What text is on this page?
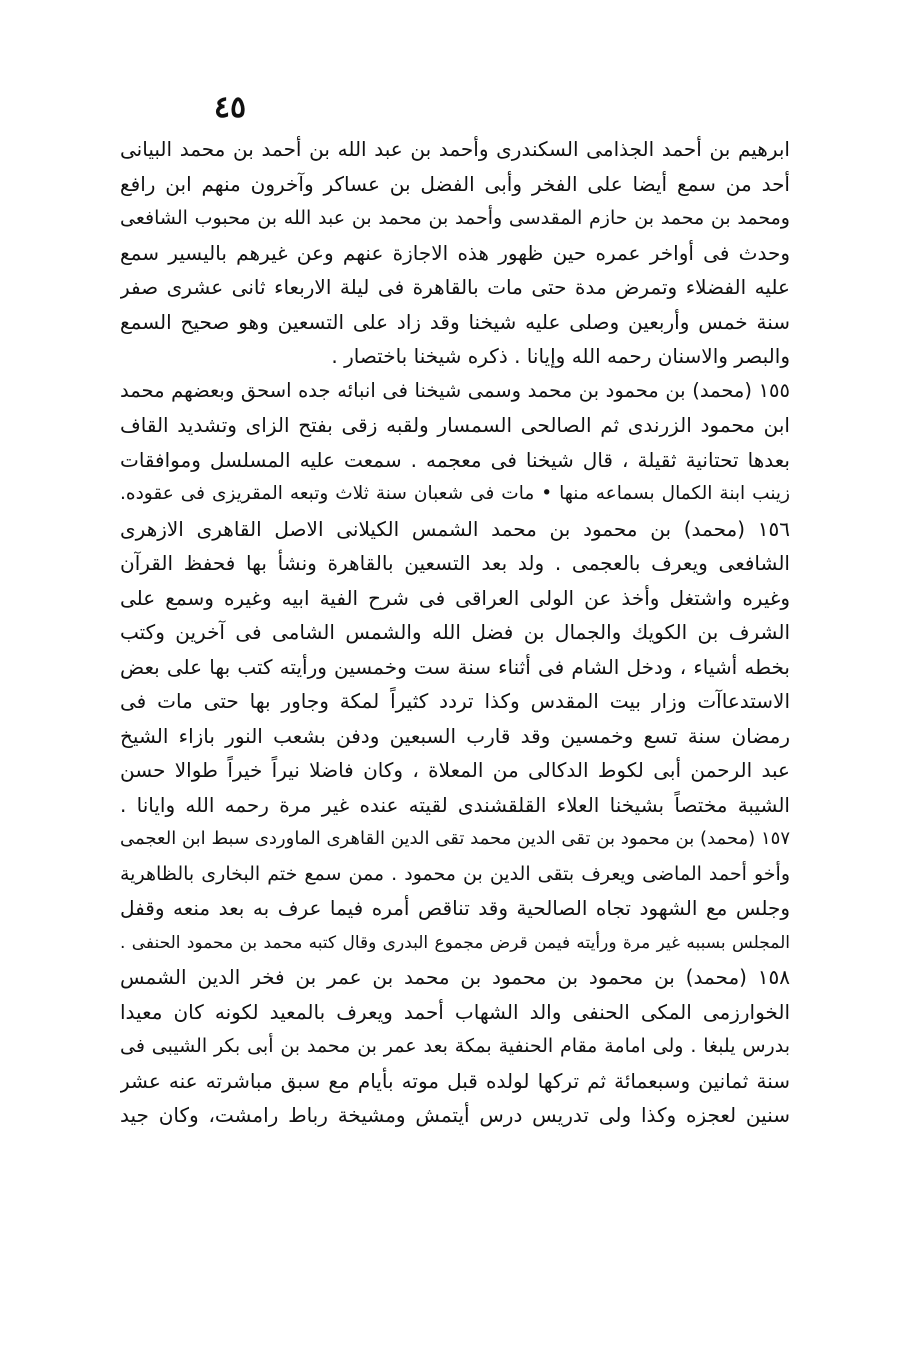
٤٥
ابرهيم بن أحمد الجذامى السكندرى وأحمد بن عبد الله بن أحمد بن محمد البيانى
أحد من سمع أيضا على الفخر وأبى الفضل بن عساكر وآخرون منهم ابن رافع
ومحمد بن محمد بن حازم المقدسى وأحمد بن محمد بن عبد الله بن محبوب الشافعى
وحدث فى أواخر عمره حين ظهور هذه الاجازة عنهم وعن غيرهم باليسير سمع
عليه الفضلاء وتمرض مدة حتى مات بالقاهرة فى ليلة الاربعاء ثانى عشرى صفر
سنة خمس وأربعين وصلى عليه شيخنا وقد زاد على التسعين وهو صحيح السمع
والبصر والاسنان رحمه الله وإيانا . ذكره شيخنا باختصار .
١٥٥ (محمد) بن محمود بن محمد وسمى شيخنا فى انبائه جده اسحق وبعضهم محمد
ابن محمود الزرندى ثم الصالحى السمسار ولقبه زقى بفتح الزاى وتشديد القاف
بعدها تحتانية ثقيلة ، قال شيخنا فى معجمه . سمعت عليه المسلسل وموافقات
زينب ابنة الكمال بسماعه منها • مات فى شعبان سنة ثلاث وتبعه المقريزى فى عقوده.
١٥٦ (محمد) بن محمود بن محمد الشمس الكيلانى الاصل القاهرى الازهرى
الشافعى ويعرف بالعجمى . ولد بعد التسعين بالقاهرة ونشأ بها فحفظ القرآن
وغيره واشتغل وأخذ عن الولى العراقى فى شرح الفية ابيه وغيره وسمع على
الشرف بن الكويك والجمال بن فضل الله والشمس الشامى فى آخرين وكتب
بخطه أشياء ، ودخل الشام فى أثناء سنة ست وخمسين ورأيته كتب بها على بعض
الاستدعاآت وزار بيت المقدس وكذا تردد كثيراً لمكة وجاور بها حتى مات فى
رمضان سنة تسع وخمسين وقد قارب السبعين ودفن بشعب النور بازاء الشيخ
عبد الرحمن أبى لكوط الدكالى من المعلاة ، وكان فاضلا نيراً خيراً طوالا حسن
الشيبة مختصاً بشيخنا العلاء القلقشندى لقيته عنده غير مرة رحمه الله وايانا .
١٥٧ (محمد) بن محمود بن تقى الدين محمد تقى الدين القاهرى الماوردى سبط ابن العجمى
وأخو أحمد الماضى ويعرف بتقى الدين بن محمود . ممن سمع ختم البخارى بالظاهرية
وجلس مع الشهود تجاه الصالحية وقد تناقص أمره فيما عرف به بعد منعه وقفل
المجلس بسببه غير مرة ورأيته فيمن قرض مجموع البدرى وقال كتبه محمد بن محمود الحنفى .
١٥٨ (محمد) بن محمود بن محمود بن محمد بن عمر بن فخر الدين الشمس
الخوارزمى المكى الحنفى والد الشهاب أحمد ويعرف بالمعيد لكونه كان معيدا
بدرس يلبغا . ولى امامة مقام الحنفية بمكة بعد عمر بن محمد بن أبى بكر الشيبى فى
سنة ثمانين وسبعمائة ثم تركها لولده قبل موته بأيام مع سبق مباشرته عنه عشر
سنين لعجزه وكذا ولى تدريس درس أيتمش ومشيخة رباط رامشت، وكان جيد
